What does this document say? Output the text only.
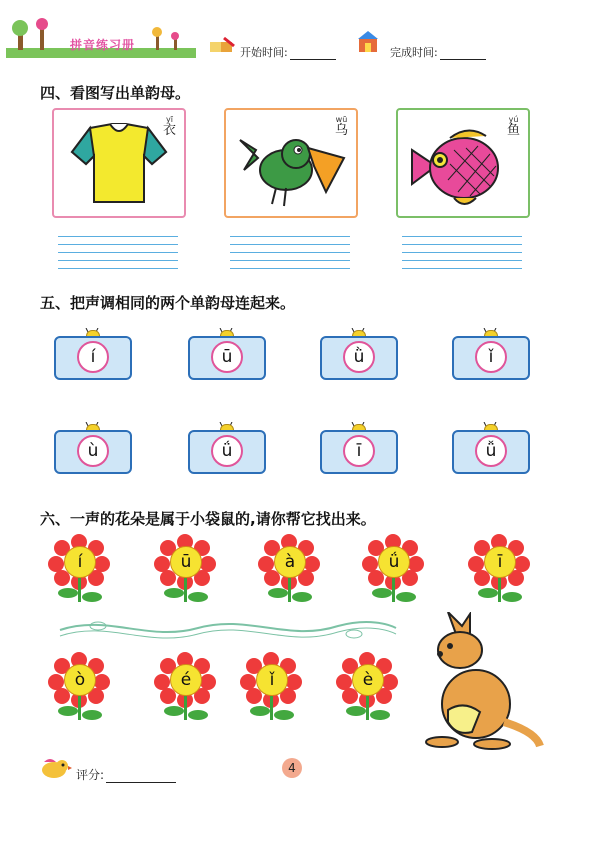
拼音练习册
开始时间:	完成时间:
四、看图写出单韵母。
yī
衣
wū
乌
yú
鱼
五、把声调相同的两个单韵母连起来。
í	ū	ǜ	ǐ
ù	ǘ	ī	ǚ
六、一声的花朵是属于小袋鼠的,请你帮它找出来。
í	ū	à	ǘ	ī
ò	é	ǐ	è
评分:	4
